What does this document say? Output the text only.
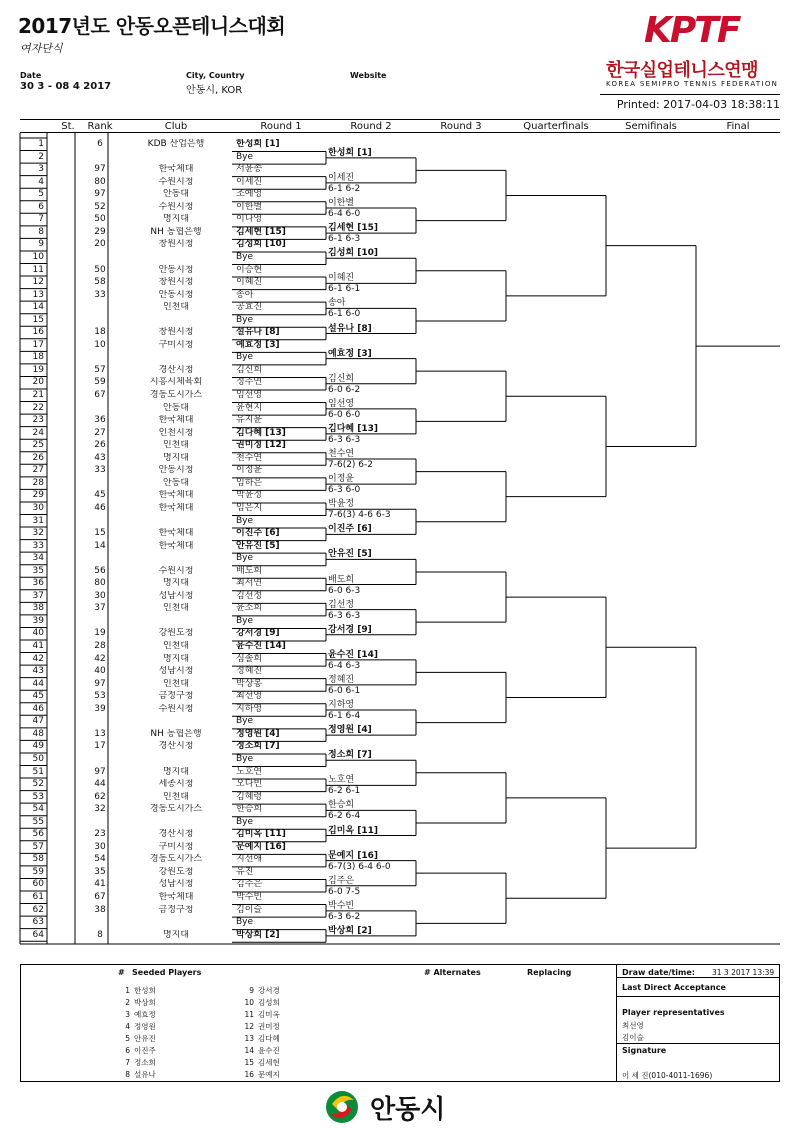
2017년도 안동오픈테니스대회
여자단식
Date
30 3 - 08 4 2017
City, Country
안동시, KOR
Website
KPTF
한국실업테니스연맹
KOREA SEMIPRO TENNIS FEDERATION
Printed: 2017-04-03 18:38:11
St.	Rank	Club	Round 1	Round 2	Round 3	Quarterfinals	Semifinals	Final
1	6	KDB 산업은행	한성희 [1]
2	Bye
3	97	한국체대	서윤송
4	80	수원시청	이세진
5	97	안동대	조예영
6	52	수원시청	이한별
7	50	명지대	이나영
8	29	NH 농협은행	김세현 [15]
9	20	창원시청	김성희 [10]
10	Bye
11	50	안동시청	이승현
12	58	창원시청	이혜진
13	33	안동시청	송아
14	인천대	공효진
15	Bye
16	18	창원시청	설유나 [8]
17	10	구미시청	예효정 [3]
18	Bye
19	57	경산시청	김신희
20	59	시흥시체육회	정주연
21	67	경동도시가스	임선영
22	안동대	윤현지
23	36	한국체대	유지윤
24	27	인천시청	김다혜 [13]
25	26	인천대	권미정 [12]
26	43	명지대	천수연
27	33	안동시청	이정윤
28	안동대	임하은
29	45	한국체대	박윤정
30	46	한국체대	임은지
31	Bye
32	15	한국체대	이진주 [6]
33	14	한국체대	안유진 [5]
34	Bye
35	56	수원시청	배도희
36	80	명지대	최서연
37	30	성남시청	김선정
38	37	인천대	윤소희
39	Bye
40	19	강원도청	강서경 [9]
41	28	인천대	윤수진 [14]
42	42	명지대	심솔희
43	40	성남시청	정혜진
44	97	인천대	박상봉
45	53	금정구청	최선영
46	39	수원시청	지하영
47	Bye
48	13	NH 농협은행	정영원 [4]
49	17	경산시청	정소희 [7]
50	Bye
51	97	명지대	노호연
52	44	세종시청	오다빈
53	62	인천대	김혜령
54	32	경동도시가스	한승희
55	Bye
56	23	경산시청	김미옥 [11]
57	30	구미시청	문예지 [16]
58	54	경동도시가스	지선애
59	35	강원도청	유진
60	41	성남시청	김주은
61	67	한국체대	박수빈
62	38	금정구청	김이슬
63	Bye
64	8	명지대	박상희 [2]
한성희 [1]
이세진
6-1 6-2
이한별
6-4 6-0
김세현 [15]
6-1 6-3
김성희 [10]
이혜진
6-1 6-1
송아
6-1 6-0
설유나 [8]
예효정 [3]
김신희
6-0 6-2
임선영
6-0 6-0
김다혜 [13]
6-3 6-3
천수연
7-6(2) 6-2
이정윤
6-3 6-0
박윤정
7-6(3) 4-6 6-3
이진주 [6]
안유진 [5]
배도희
6-0 6-3
김선정
6-3 6-3
강서경 [9]
윤수진 [14]
6-4 6-3
정혜진
6-0 6-1
지하영
6-1 6-4
정영원 [4]
정소희 [7]
노호연
6-2 6-1
한승희
6-2 6-4
김미옥 [11]
문예지 [16]
6-7(3) 6-4 6-0
김주은
6-0 7-5
박수빈
6-3 6-2
박상희 [2]
# Seeded Players
1 한성희
2 박상희
3 예효정
4 정영원
5 안유진
6 이진주
7 정소희
8 설유나
9 강서경
10 김성희
11 김미옥
12 권미정
13 김다혜
14 윤수진
15 김세현
16 문예지
# Alternates	Replacing	Draw date/time: 31 3 2017 13:39
Last Direct Acceptance
Player representatives
최선영
김이슬
Signature
이 세 진(010-4011-1696)
안동시
